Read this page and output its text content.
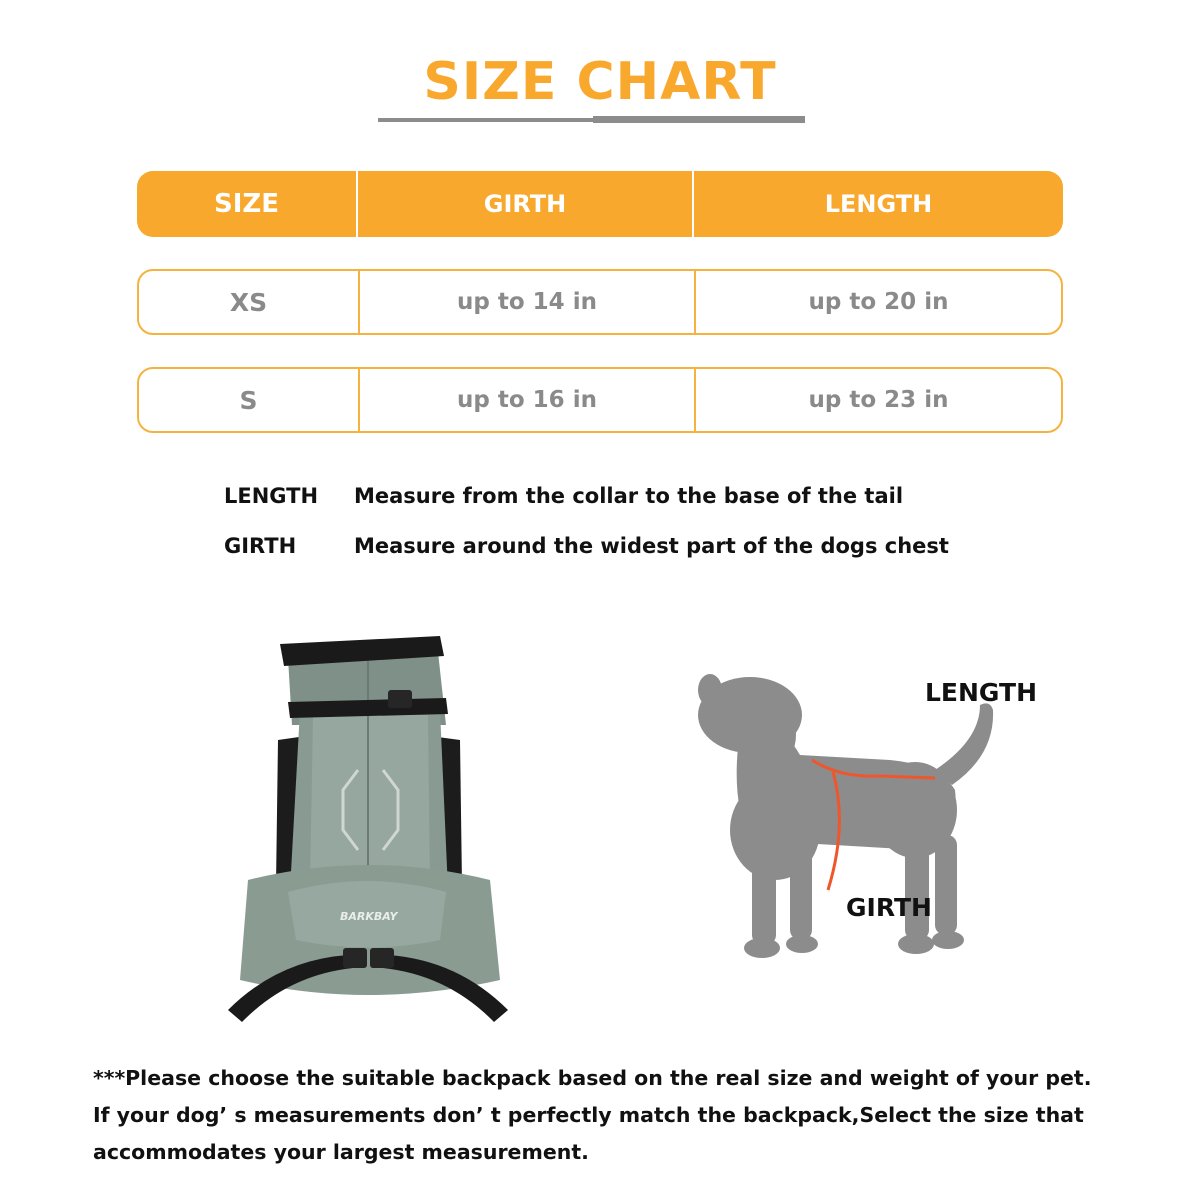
SIZE CHART
SIZE	GIRTH	LENGTH
XS	up to 14 in	up to 20 in
S	up to 16 in	up to 23 in
LENGTH Measure from the collar to the base of the tail
GIRTH	Measure around the widest part of the dogs chest
BARKBAY
LENGTH
GIRTH
***Please choose the suitable backpack based on the real size and weight of your pet.
If your dog’ s measurements don’ t perfectly match the backpack,Select the size that
accommodates your largest measurement.
